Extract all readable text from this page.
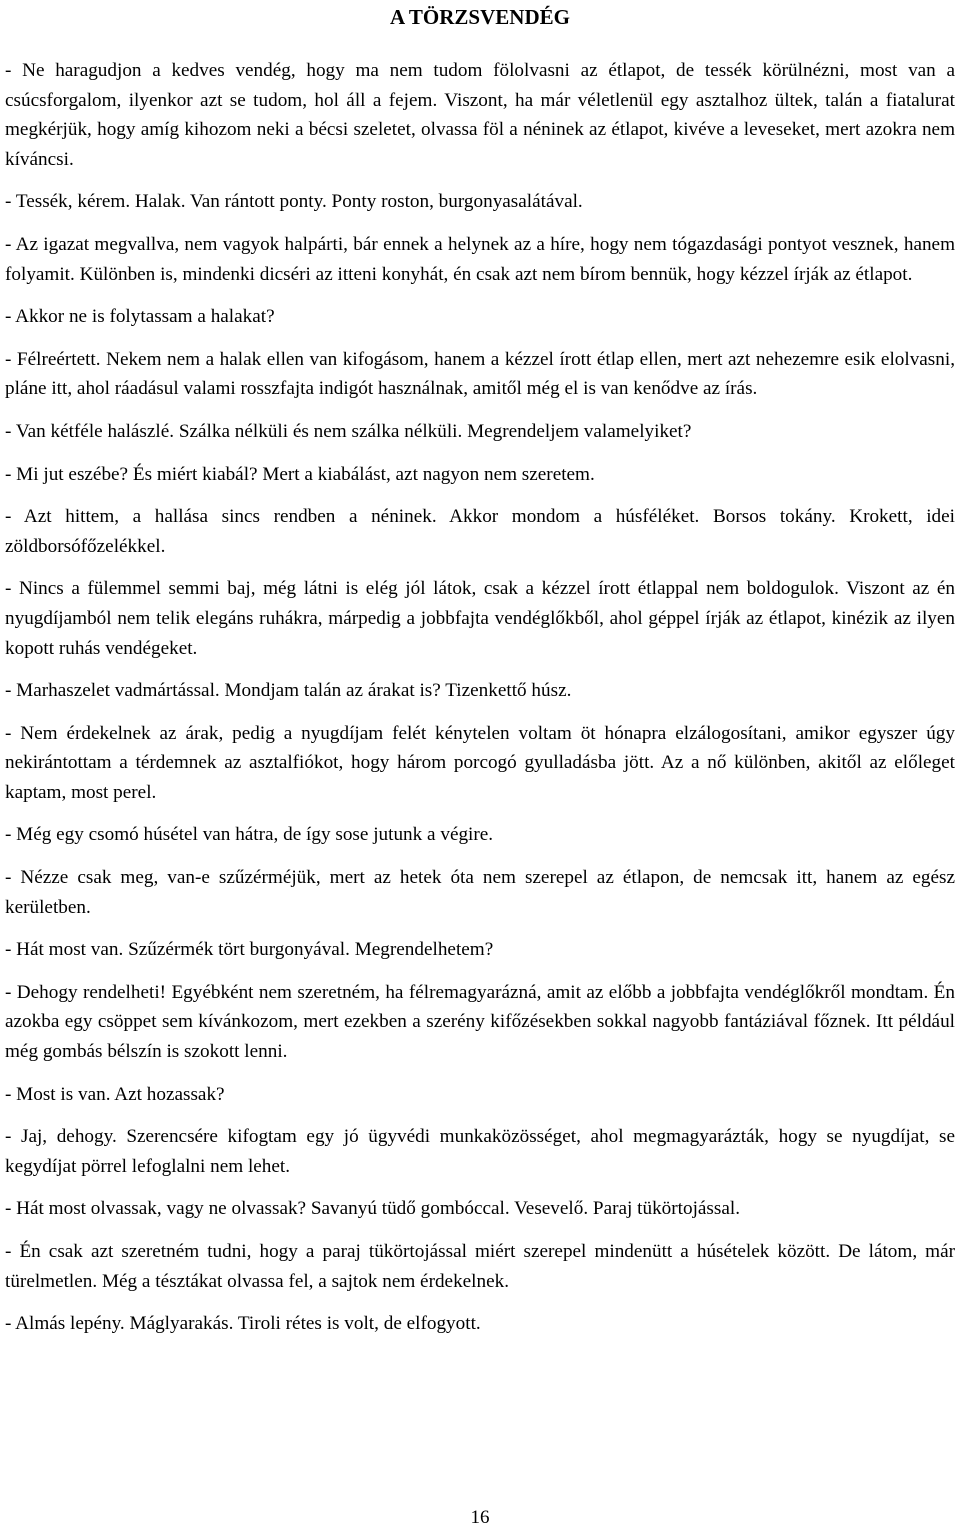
A TÖRZSVENDÉG

- Ne haragudjon a kedves vendég, hogy ma nem tudom fölolvasni az étlapot, de tessék körülnézni, most van a csúcsforgalom, ilyenkor azt se tudom, hol áll a fejem. Viszont, ha már véletlenül egy asztalhoz ültek, talán a fiatalurat megkérjük, hogy amíg kihozom neki a bécsi szeletet, olvassa föl a néninek az étlapot, kivéve a leveseket, mert azokra nem kíváncsi.

- Tessék, kérem. Halak. Van rántott ponty. Ponty roston, burgonyasalátával.

- Az igazat megvallva, nem vagyok halpárti, bár ennek a helynek az a híre, hogy nem tógazdasági pontyot vesznek, hanem folyamit. Különben is, mindenki dicséri az itteni konyhát, én csak azt nem bírom bennük, hogy kézzel írják az étlapot.

- Akkor ne is folytassam a halakat?

- Félreértett. Nekem nem a halak ellen van kifogásom, hanem a kézzel írott étlap ellen, mert azt nehezemre esik elolvasni, pláne itt, ahol ráadásul valami rosszfajta indigót használnak, amitől még el is van kenődve az írás.

- Van kétféle halászlé. Szálka nélküli és nem szálka nélküli. Megrendeljem valamelyiket?

- Mi jut eszébe? És miért kiabál? Mert a kiabálást, azt nagyon nem szeretem.

- Azt hittem, a hallása sincs rendben a néninek. Akkor mondom a húsféléket. Borsos tokány. Krokett, idei zöldborsófőzelékkel.

- Nincs a fülemmel semmi baj, még látni is elég jól látok, csak a kézzel írott étlappal nem boldogulok. Viszont az én nyugdíjamból nem telik elegáns ruhákra, márpedig a jobbfajta vendéglőkből, ahol géppel írják az étlapot, kinézik az ilyen kopott ruhás vendégeket.

- Marhaszelet vadmártással. Mondjam talán az árakat is? Tizenkettő húsz.

- Nem érdekelnek az árak, pedig a nyugdíjam felét kénytelen voltam öt hónapra elzálogosítani, amikor egyszer úgy nekirántottam a térdemnek az asztalfiókot, hogy három porcogó gyulladásba jött. Az a nő különben, akitől az előleget kaptam, most perel.

- Még egy csomó húsétel van hátra, de így sose jutunk a végire.

- Nézze csak meg, van-e szűzérméjük, mert az hetek óta nem szerepel az étlapon, de nemcsak itt, hanem az egész kerületben.

- Hát most van. Szűzérmék tört burgonyával. Megrendelhetem?

- Dehogy rendelheti! Egyébként nem szeretném, ha félremagyarázná, amit az előbb a jobbfajta vendéglőkről mondtam. Én azokba egy csöppet sem kívánkozom, mert ezekben a szerény kifőzésekben sokkal nagyobb fantáziával főznek. Itt például még gombás bélszín is szokott lenni.

- Most is van. Azt hozassak?

- Jaj, dehogy. Szerencsére kifogtam egy jó ügyvédi munkaközösséget, ahol megmagyarázták, hogy se nyugdíjat, se kegydíjat pörrel lefoglalni nem lehet.

- Hát most olvassak, vagy ne olvassak? Savanyú tüdő gombóccal. Vesevelő. Paraj tükörtojással.

- Én csak azt szeretném tudni, hogy a paraj tükörtojással miért szerepel mindenütt a húsételek között. De látom, már türelmetlen. Még a tésztákat olvassa fel, a sajtok nem érdekelnek.

- Almás lepény. Máglyarakás. Tiroli rétes is volt, de elfogyott.

16
